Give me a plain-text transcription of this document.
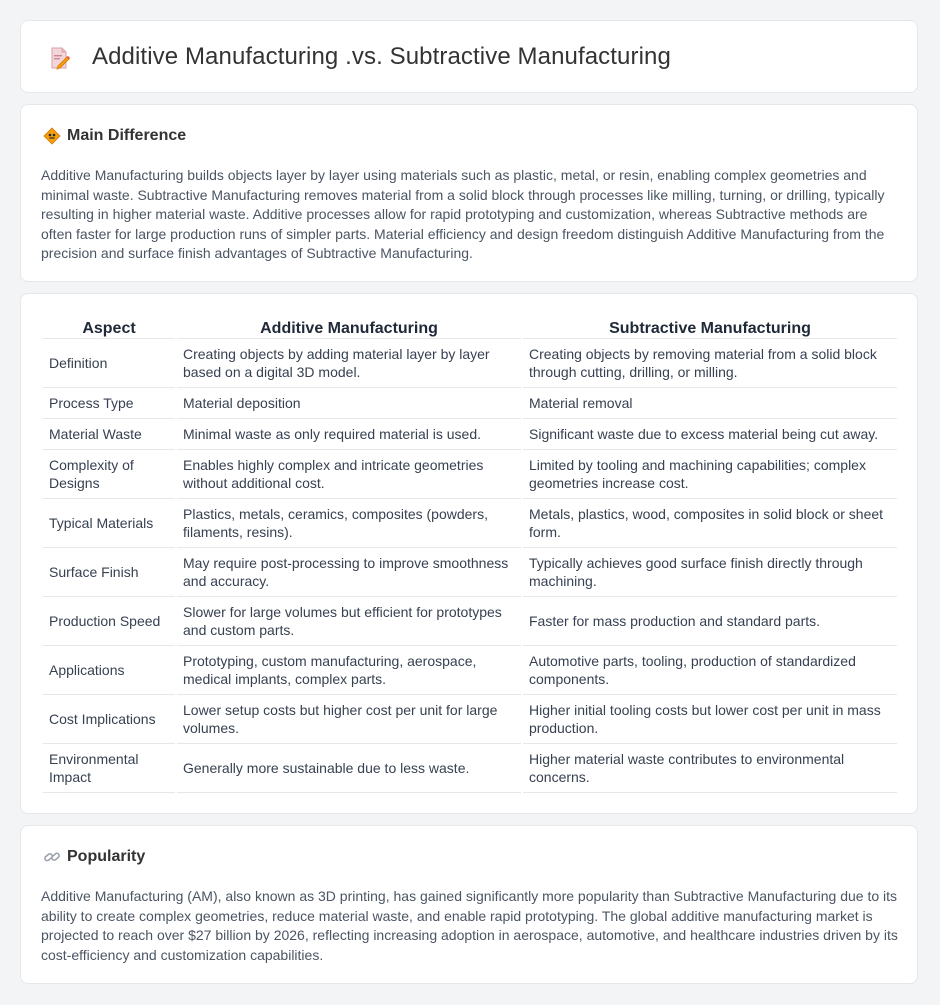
Additive Manufacturing .vs. Subtractive Manufacturing
Main Difference

Additive Manufacturing builds objects layer by layer using materials such as plastic, metal, or resin, enabling complex geometries and minimal waste. Subtractive Manufacturing removes material from a solid block through processes like milling, turning, or drilling, typically resulting in higher material waste. Additive processes allow for rapid prototyping and customization, whereas Subtractive methods are often faster for large production runs of simpler parts. Material efficiency and design freedom distinguish Additive Manufacturing from the precision and surface finish advantages of Subtractive Manufacturing.

Aspect	Additive Manufacturing	Subtractive Manufacturing
Definition	Creating objects by adding material layer by layer based on a digital 3D model.	Creating objects by removing material from a solid block through cutting, drilling, or milling.
Process Type	Material deposition	Material removal
Material Waste	Minimal waste as only required material is used.	Significant waste due to excess material being cut away.
Complexity of Designs	Enables highly complex and intricate geometries without additional cost.	Limited by tooling and machining capabilities; complex geometries increase cost.
Typical Materials	Plastics, metals, ceramics, composites (powders, filaments, resins).	Metals, plastics, wood, composites in solid block or sheet form.
Surface Finish	May require post-processing to improve smoothness and accuracy.	Typically achieves good surface finish directly through machining.
Production Speed	Slower for large volumes but efficient for prototypes and custom parts.	Faster for mass production and standard parts.
Applications	Prototyping, custom manufacturing, aerospace, medical implants, complex parts.	Automotive parts, tooling, production of standardized components.
Cost Implications	Lower setup costs but higher cost per unit for large volumes.	Higher initial tooling costs but lower cost per unit in mass production.
Environmental Impact	Generally more sustainable due to less waste.	Higher material waste contributes to environmental concerns.
Popularity

Additive Manufacturing (AM), also known as 3D printing, has gained significantly more popularity than Subtractive Manufacturing due to its ability to create complex geometries, reduce material waste, and enable rapid prototyping. The global additive manufacturing market is projected to reach over $27 billion by 2026, reflecting increasing adoption in aerospace, automotive, and healthcare industries driven by its cost-efficiency and customization capabilities.
